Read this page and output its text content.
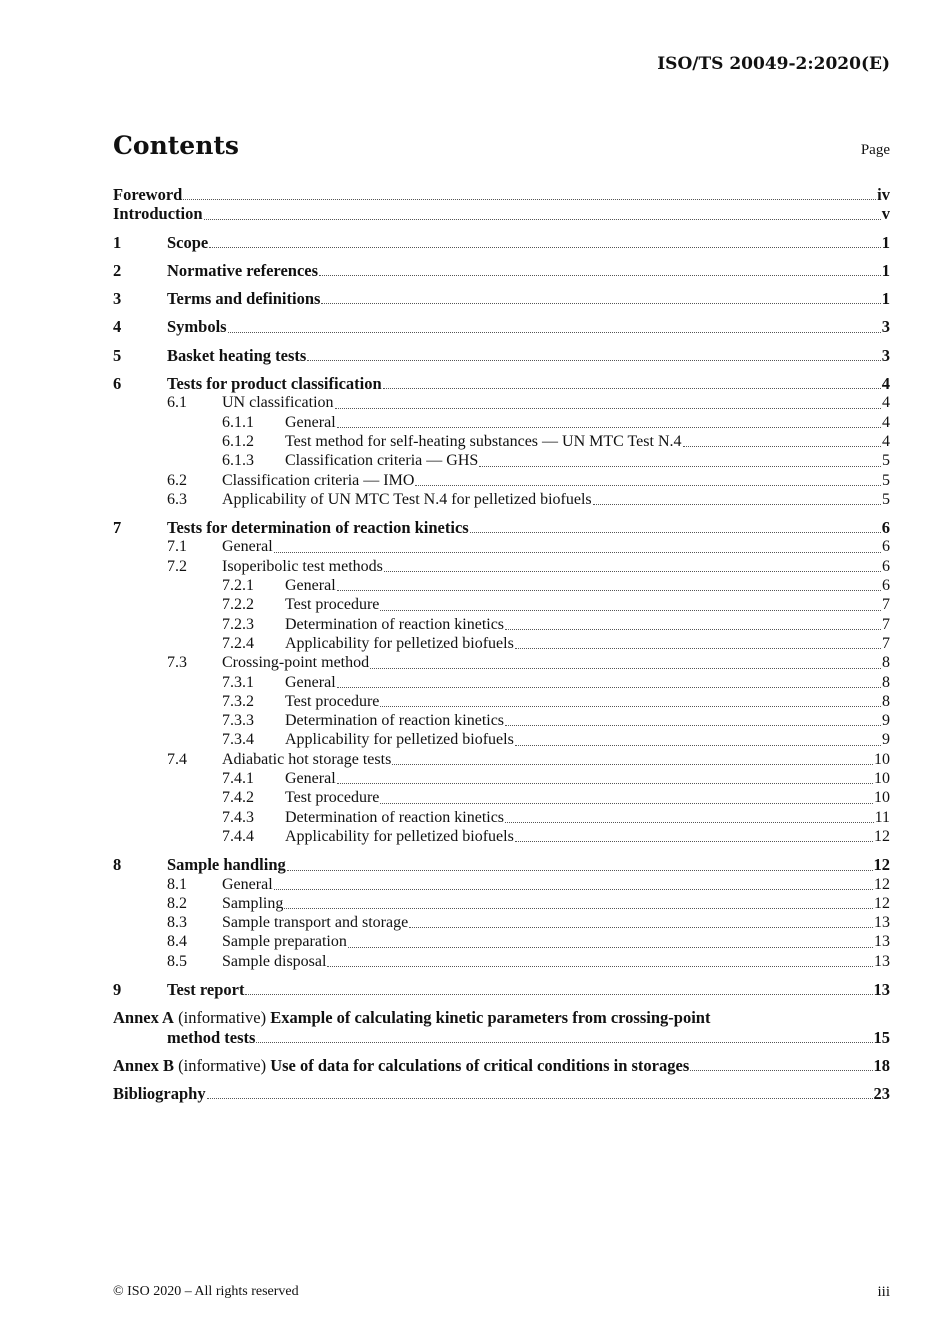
ISO/TS 20049-2:2020(E)
Contents	Page
Foreword	iv
Introduction	v
1	Scope	1
2	Normative references	1
3	Terms and definitions	1
4	Symbols	3
5	Basket heating tests	3
6	Tests for product classification	4
6.1	UN classification	4
6.1.1	General	4
6.1.2	Test method for self-heating substances — UN MTC Test N.4	4
6.1.3	Classification criteria — GHS	5
6.2	Classification criteria — IMO	5
6.3	Applicability of UN MTC Test N.4 for pelletized biofuels	5
7	Tests for determination of reaction kinetics	6
7.1	General	6
7.2	Isoperibolic test methods	6
7.2.1	General	6
7.2.2	Test procedure	7
7.2.3	Determination of reaction kinetics	7
7.2.4	Applicability for pelletized biofuels	7
7.3	Crossing-point method	8
7.3.1	General	8
7.3.2	Test procedure	8
7.3.3	Determination of reaction kinetics	9
7.3.4	Applicability for pelletized biofuels	9
7.4	Adiabatic hot storage tests	10
7.4.1	General	10
7.4.2	Test procedure	10
7.4.3	Determination of reaction kinetics	11
7.4.4	Applicability for pelletized biofuels	12
8	Sample handling	12
8.1	General	12
8.2	Sampling	12
8.3	Sample transport and storage	13
8.4	Sample preparation	13
8.5	Sample disposal	13
9	Test report	13
Annex A (informative) Example of calculating kinetic parameters from crossing-point
method tests	15
Annex B (informative) Use of data for calculations of critical conditions in storages	18
Bibliography	23
© ISO 2020 – All rights reserved	iii
